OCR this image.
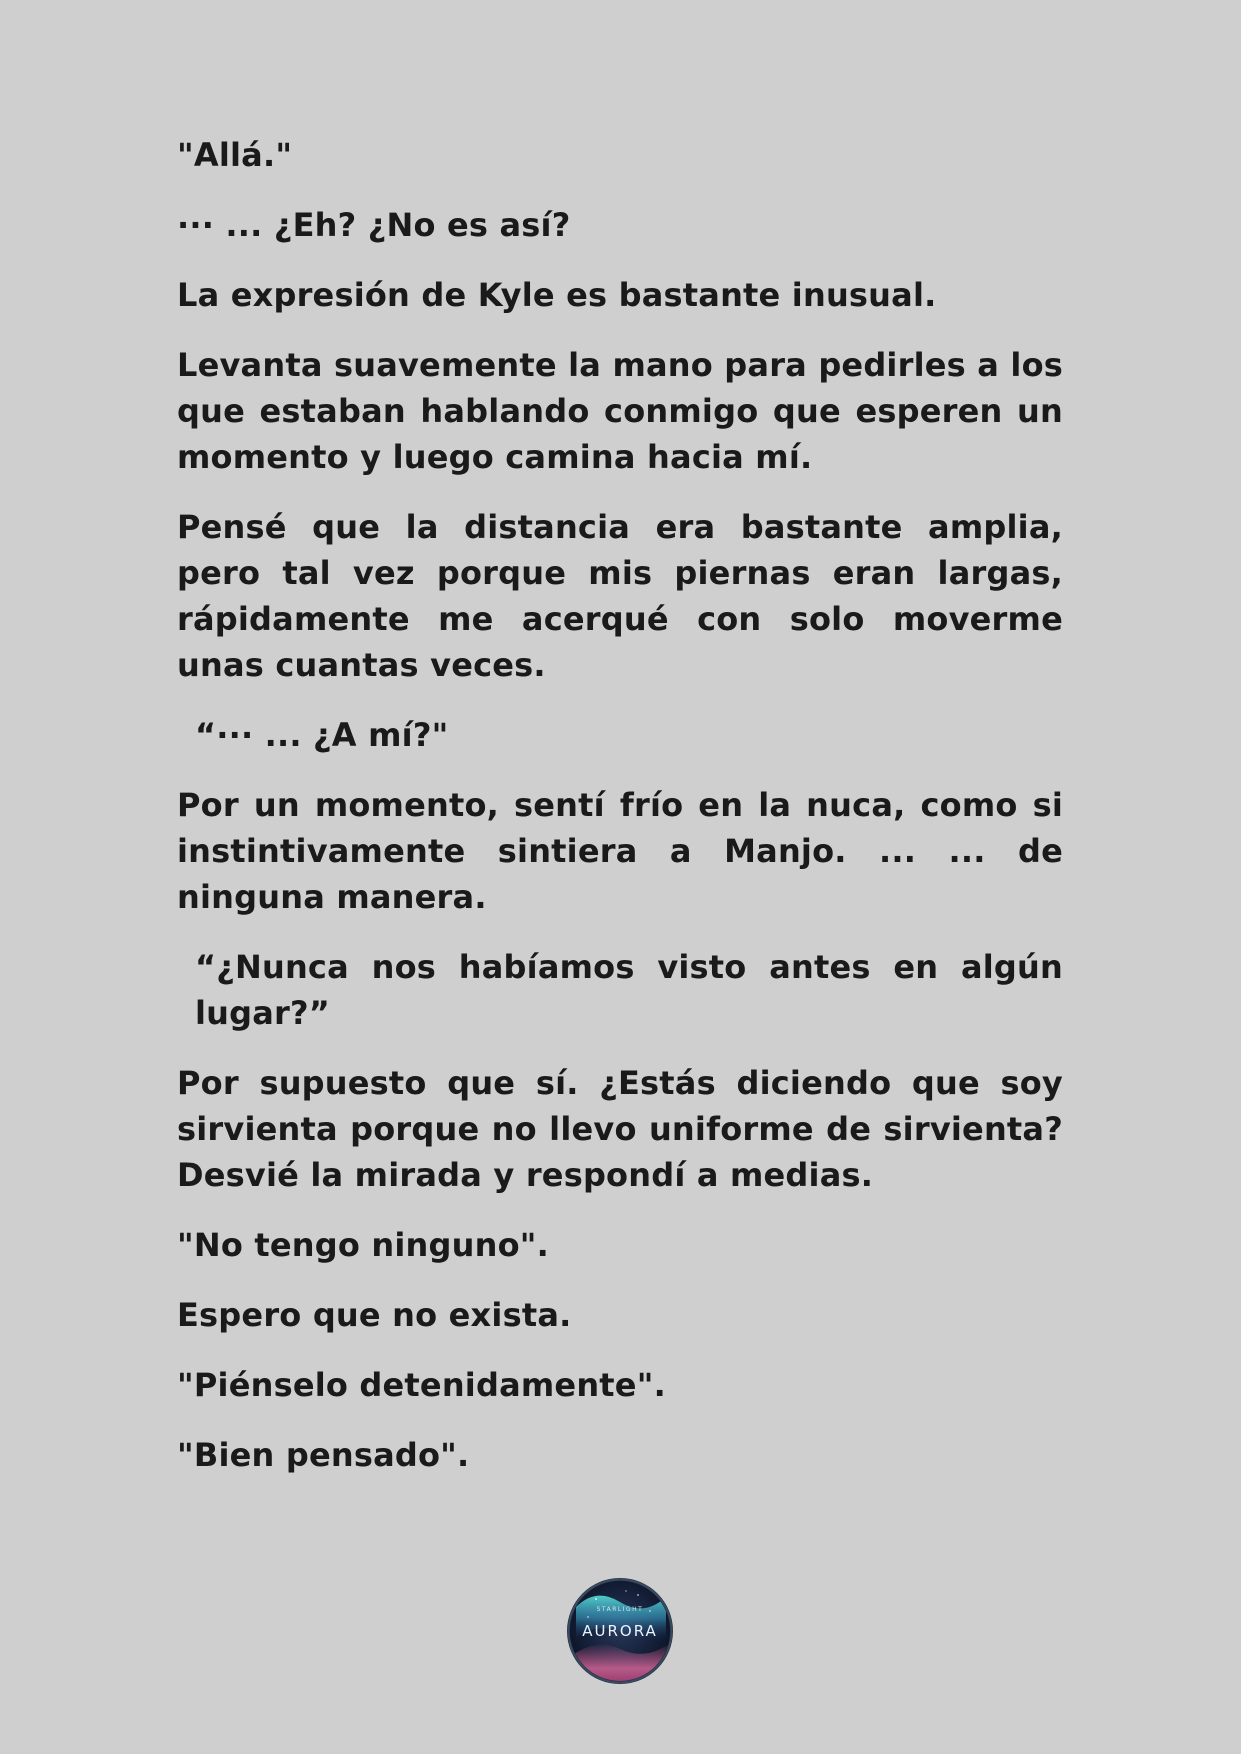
"Allá."

··· ... ¿Eh? ¿No es así?

La expresión de Kyle es bastante inusual.

Levanta suavemente la mano para pedirles a los que estaban hablando conmigo que esperen un momento y luego camina hacia mí.

Pensé que la distancia era bastante amplia, pero tal vez porque mis piernas eran largas, rápidamente me acerqué con solo moverme unas cuantas veces.

“··· ... ¿A mí?"

Por un momento, sentí frío en la nuca, como si instintivamente sintiera a Manjo. ... ... de ninguna manera.

“¿Nunca nos habíamos visto antes en algún lugar?”

Por supuesto que sí. ¿Estás diciendo que soy sirvienta porque no llevo uniforme de sirvienta? Desvié la mirada y respondí a medias.

"No tengo ninguno".

Espero que no exista.

"Piénselo detenidamente".

"Bien pensado".

STARLIGHT
AURORA
